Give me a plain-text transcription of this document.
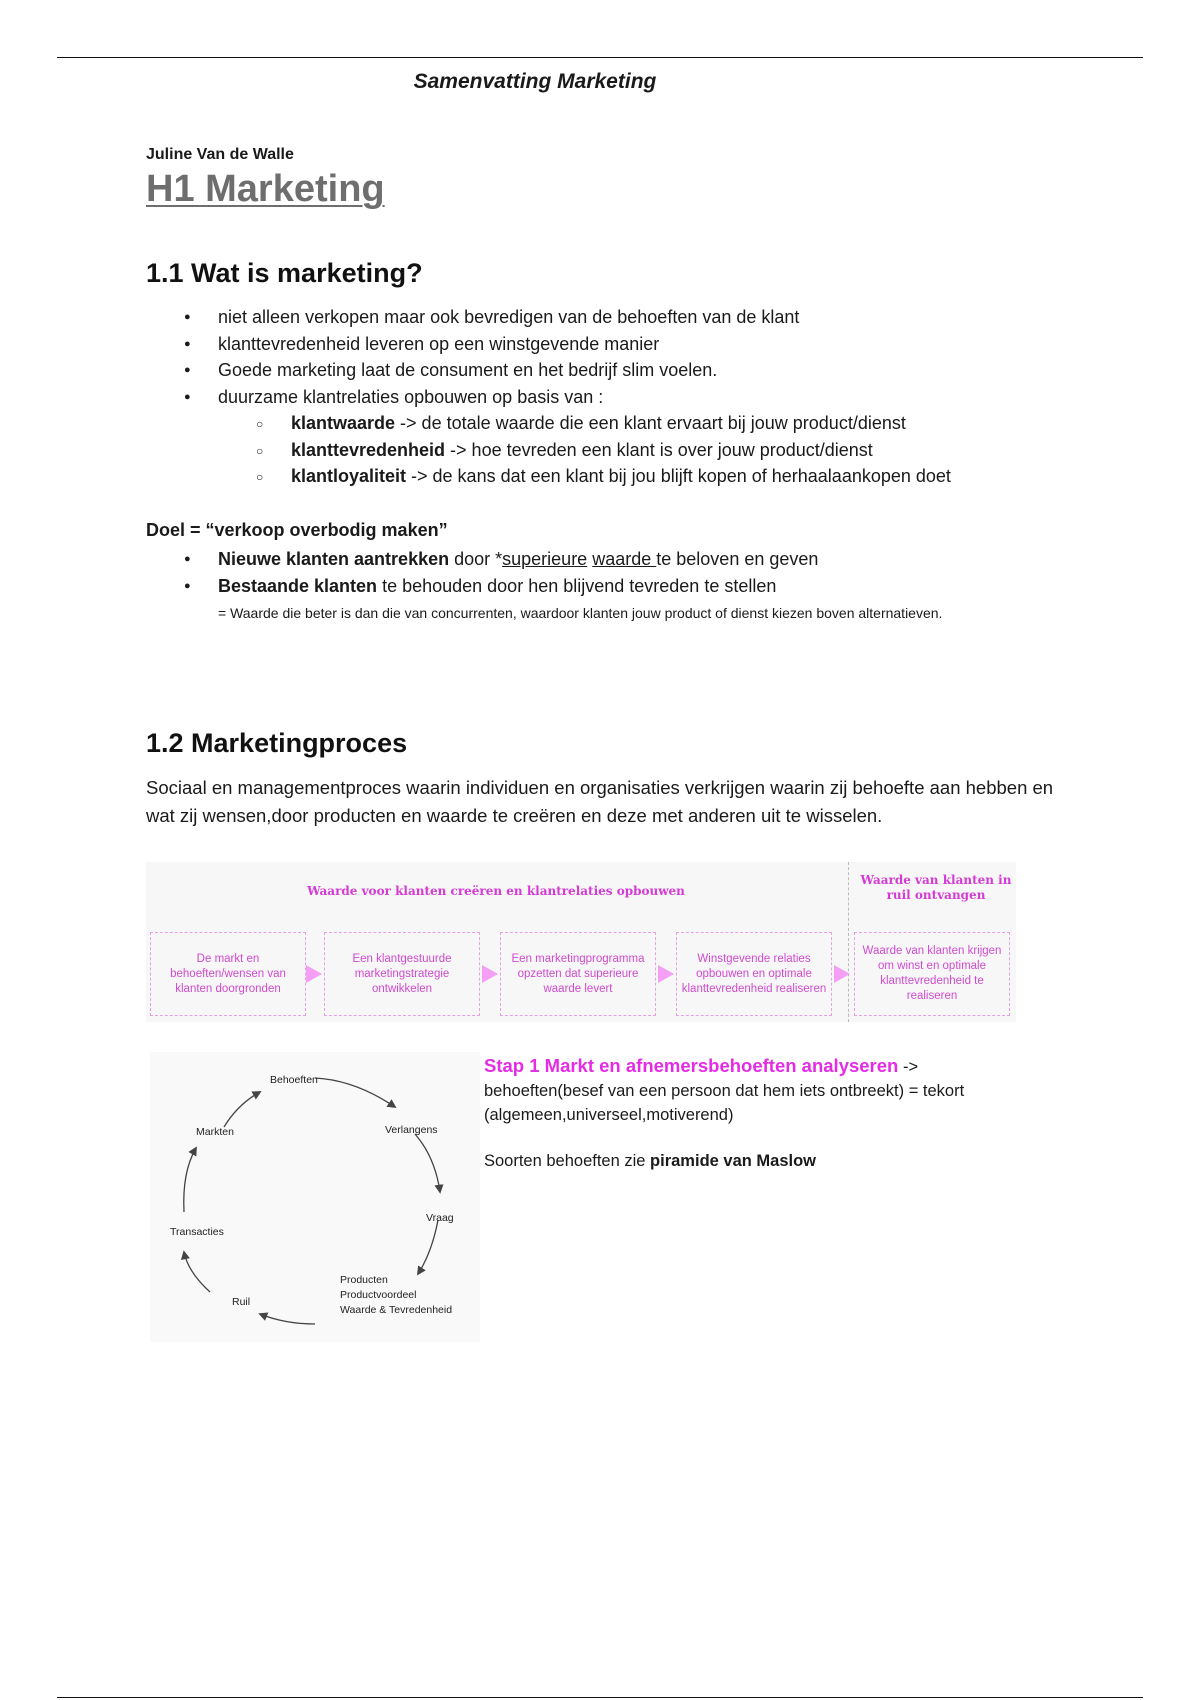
Samenvatting Marketing
Juline Van de Walle
H1 Marketing
1.1 Wat is marketing?
● niet alleen verkopen maar ook bevredigen van de behoeften van de klant
● klanttevredenheid leveren op een winstgevende manier
● Goede marketing laat de consument en het bedrijf slim voelen.
● duurzame klantrelaties opbouwen op basis van :
○ klantwaarde -> de totale waarde die een klant ervaart bij jouw product/dienst
○ klanttevredenheid -> hoe tevreden een klant is over jouw product/dienst
○ klantloyaliteit -> de kans dat een klant bij jou blijft kopen of herhaalaankopen doet
Doel = “verkoop overbodig maken”
● Nieuwe klanten aantrekken door *superieure waarde te beloven en geven
● Bestaande klanten te behouden door hen blijvend tevreden te stellen
= Waarde die beter is dan die van concurrenten, waardoor klanten jouw product of dienst kiezen boven alternatieven.
1.2 Marketingproces
Sociaal en managementproces waarin individuen en organisaties verkrijgen waarin zij behoefte aan hebben en wat zij wensen,door producten en waarde te creëren en deze met anderen uit te wisselen.
Waarde voor klanten creëren en klantrelaties opbouwen
Waarde van klanten in ruil ontvangen
De markt en behoeften/wensen van klanten doorgronden
Een klantgestuurde marketingstrategie ontwikkelen
Een marketingprogramma opzetten dat superieure waarde levert
Winstgevende relaties opbouwen en optimale klanttevredenheid realiseren
Waarde van klanten krijgen om winst en optimale klanttevredenheid te realiseren
Behoeften
Verlangens
Vraag
Producten
Productvoordeel
Waarde & Tevredenheid
Ruil
Transacties
Markten
Stap 1 Markt en afnemersbehoeften analyseren ->
behoeften(besef van een persoon dat hem iets ontbreekt) = tekort (algemeen,universeel,motiverend)
Soorten behoeften zie piramide van Maslow
